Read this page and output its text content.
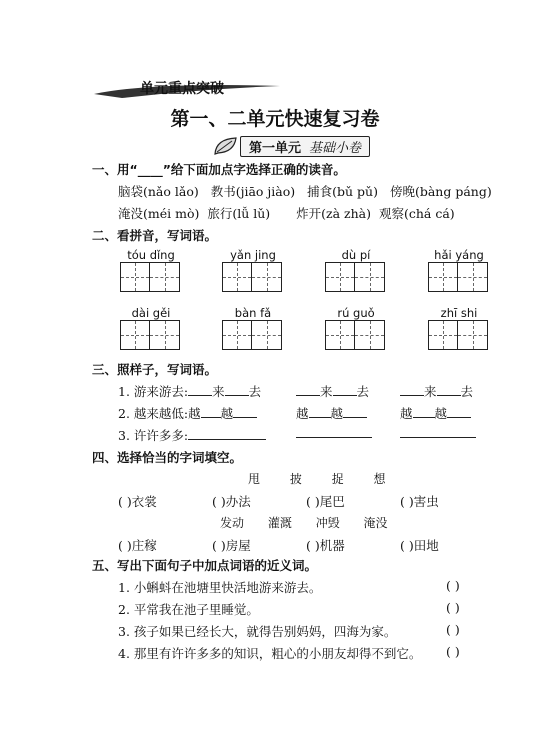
单元重点突破
第一、二单元快速复习卷
第一单元 基础小卷
一、用“____”给下面加点字选择正确的读音。
脑袋(nǎo lǎo) 教书(jiāo jiào) 捕食(bǔ pǔ) 傍晚(bàng páng)
淹没(méi mò) 旅行(lǚ lǔ) 炸开(zà zhà) 观察(chá cá)
二、看拼音，写词语。
tóu dǐng	yǎn jing	dù pí	hǎi yáng
dài gěi	bàn fǎ	rú guǒ	zhī shi
三、照样子，写词语。
1. 游来游去: 来 去	来 去	来 去
2. 越来越低:越 越	越 越	越 越
3. 许许多多:
四、选择恰当的字词填空。
甩 披 捉 想
( )衣裳	( )办法	( )尾巴	( )害虫
发动 灌溉 冲毁 淹没
( )庄稼	( )房屋	( )机器	( )田地
五、写出下面句子中加点词语的近义词。
1. 小蝌蚪在池塘里快活地游来游去。	( )
2. 平常我在池子里睡觉。	( )
3. 孩子如果已经长大，就得告别妈妈，四海为家。	( )
4. 那里有许许多多的知识，粗心的小朋友却得不到它。 ( )
